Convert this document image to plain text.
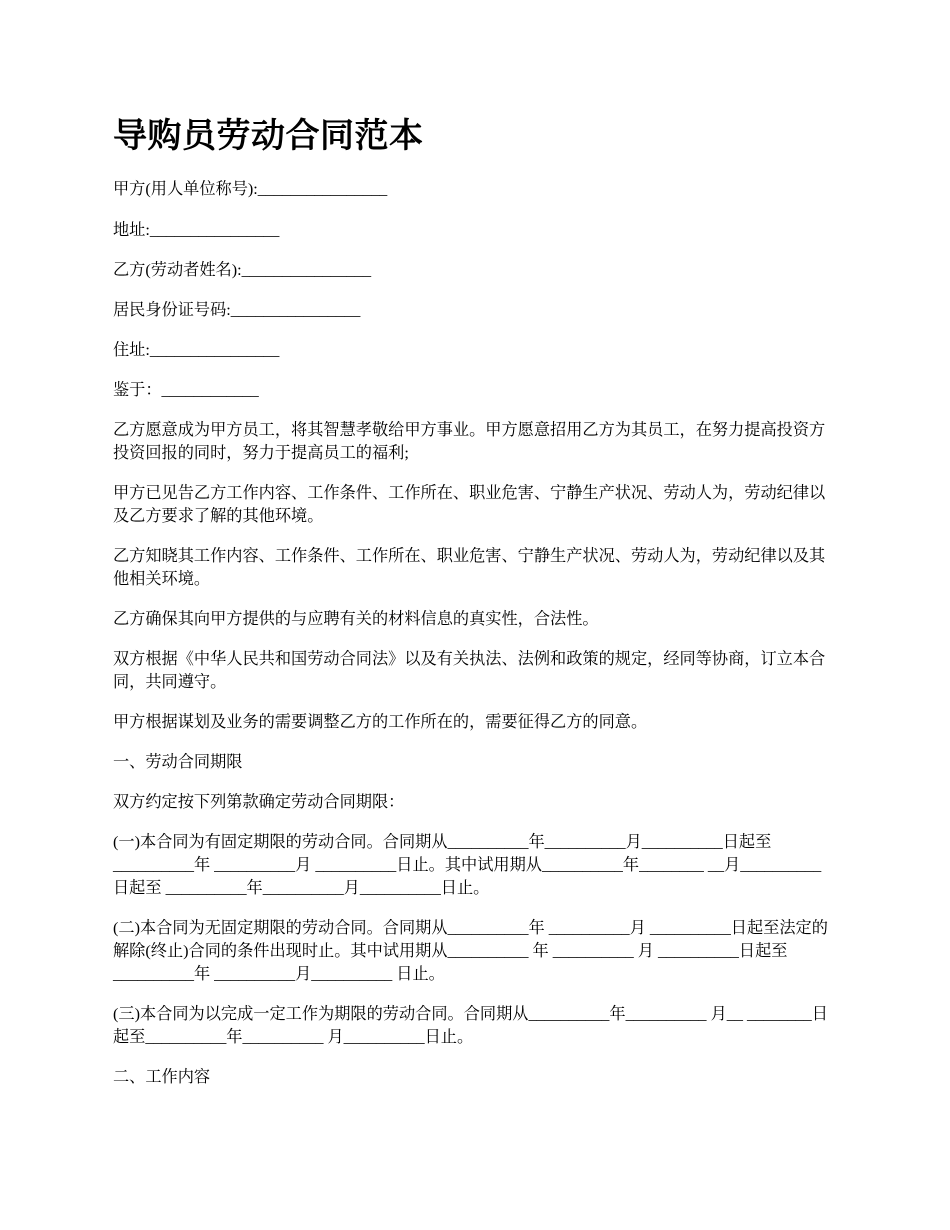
导购员劳动合同范本

甲方(用人单位称号):________________

地址:________________

乙方(劳动者姓名):________________

居民身份证号码:________________

住址:________________

鉴于：____________

乙方愿意成为甲方员工，将其智慧孝敬给甲方事业。甲方愿意招用乙方为其员工，在努力提高投资方投资回报的同时，努力于提高员工的福利;

甲方已见告乙方工作内容、工作条件、工作所在、职业危害、宁静生产状况、劳动人为，劳动纪律以及乙方要求了解的其他环境。

乙方知晓其工作内容、工作条件、工作所在、职业危害、宁静生产状况、劳动人为，劳动纪律以及其他相关环境。

乙方确保其向甲方提供的与应聘有关的材料信息的真实性，合法性。

双方根据《中华人民共和国劳动合同法》以及有关执法、法例和政策的规定，经同等协商，订立本合同，共同遵守。

甲方根据谋划及业务的需要调整乙方的工作所在的，需要征得乙方的同意。

一、劳动合同期限

双方约定按下列第款确定劳动合同期限：

(一)本合同为有固定期限的劳动合同。合同期从__________年__________月__________日起至__________年 __________月 __________日止。其中试用期从__________年________ __月__________ 日起至 __________年__________月__________日止。

(二)本合同为无固定期限的劳动合同。合同期从__________年 __________月 __________日起至法定的解除(终止)合同的条件出现时止。其中试用期从__________ 年 __________ 月 __________日起至 __________年 __________月__________ 日止。

(三)本合同为以完成一定工作为期限的劳动合同。合同期从__________年__________ 月__ ________日起至__________年__________ 月__________日止。

二、工作内容
